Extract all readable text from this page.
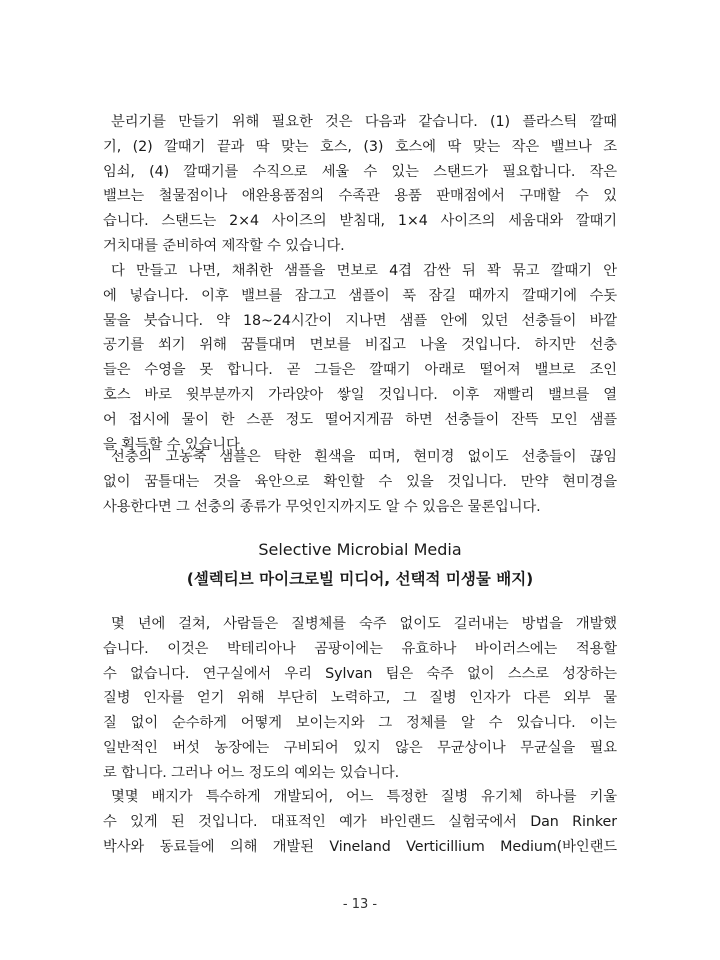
분리기를 만들기 위해 필요한 것은 다음과 같습니다. (1) 플라스틱 깔때
기, (2) 깔때기 끝과 딱 맞는 호스, (3) 호스에 딱 맞는 작은 밸브나 조
임쇠, (4) 깔때기를 수직으로 세울 수 있는 스탠드가 필요합니다. 작은
밸브는 철물점이나 애완용품점의 수족관 용품 판매점에서 구매할 수 있
습니다. 스탠드는 2×4 사이즈의 받침대, 1×4 사이즈의 세움대와 깔때기
거치대를 준비하여 제작할 수 있습니다.
다 만들고 나면, 채취한 샘플을 면보로 4겹 감싼 뒤 꽉 묶고 깔때기 안
에 넣습니다. 이후 밸브를 잠그고 샘플이 푹 잠길 때까지 깔때기에 수돗
물을 붓습니다. 약 18~24시간이 지나면 샘플 안에 있던 선충들이 바깥
공기를 쐬기 위해 꿈틀대며 면보를 비집고 나올 것입니다. 하지만 선충
들은 수영을 못 합니다. 곧 그들은 깔때기 아래로 떨어져 밸브로 조인
호스 바로 윗부분까지 가라앉아 쌓일 것입니다. 이후 재빨리 밸브를 열
어 접시에 물이 한 스푼 정도 떨어지게끔 하면 선충들이 잔뜩 모인 샘플
을 획득할 수 있습니다.
선충의 고농축 샘플은 탁한 흰색을 띠며, 현미경 없이도 선충들이 끊임
없이 꿈틀대는 것을 육안으로 확인할 수 있을 것입니다. 만약 현미경을
사용한다면 그 선충의 종류가 무엇인지까지도 알 수 있음은 물론입니다.
Selective Microbial Media
(셀렉티브 마이크로빌 미디어, 선택적 미생물 배지)
몇 년에 걸쳐, 사람들은 질병체를 숙주 없이도 길러내는 방법을 개발했
습니다. 이것은 박테리아나 곰팡이에는 유효하나 바이러스에는 적용할
수 없습니다. 연구실에서 우리 Sylvan 팀은 숙주 없이 스스로 성장하는
질병 인자를 얻기 위해 부단히 노력하고, 그 질병 인자가 다른 외부 물
질 없이 순수하게 어떻게 보이는지와 그 정체를 알 수 있습니다. 이는
일반적인 버섯 농장에는 구비되어 있지 않은 무균상이나 무균실을 필요
로 합니다. 그러나 어느 정도의 예외는 있습니다.
몇몇 배지가 특수하게 개발되어, 어느 특정한 질병 유기체 하나를 키울
수 있게 된 것입니다. 대표적인 예가 바인랜드 실험국에서 Dan Rinker
박사와 동료들에 의해 개발된 Vineland Verticillium Medium(바인랜드
- 13 -
